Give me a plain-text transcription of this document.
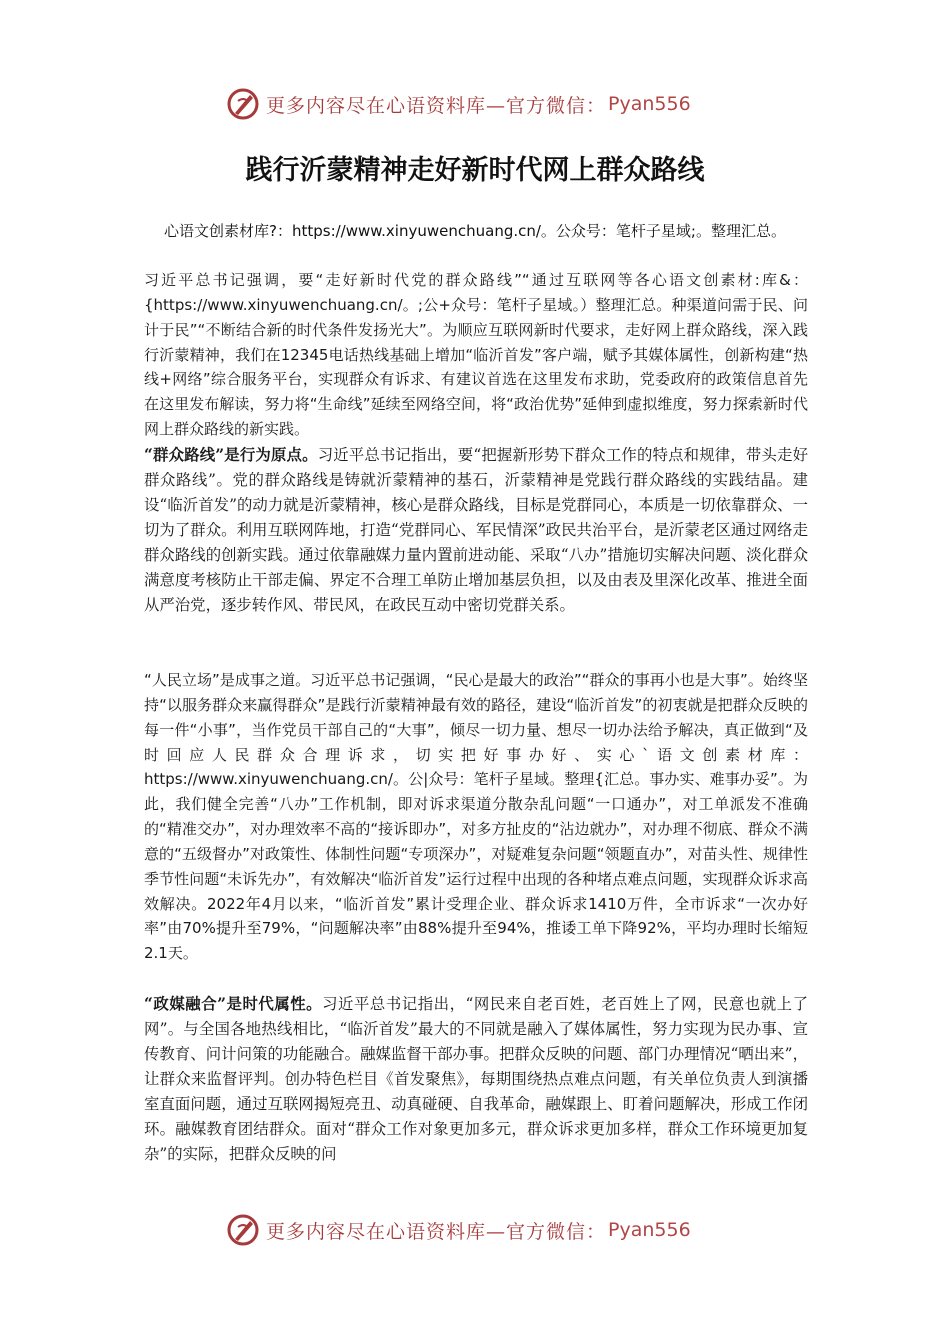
更多内容尽在心语资料库—官方微信： Pyan556
践行沂蒙精神走好新时代网上群众路线
心语文创素材库?：https://www.xinyuwenchuang.cn/。公众号：笔杆子星域;。整理汇总。

习近平总书记强调，要“走好新时代党的群众路线”“通过互联网等各心语文创素材:库&：{https://www.xinyuwenchuang.cn/。;公+众号：笔杆子星域。）整理汇总。种渠道问需于民、问计于民”“不断结合新的时代条件发扬光大”。为顺应互联网新时代要求，走好网上群众路线，深入践行沂蒙精神，我们在12345电话热线基础上增加“临沂首发”客户端，赋予其媒体属性，创新构建“热线+网络”综合服务平台，实现群众有诉求、有建议首选在这里发布求助，党委政府的政策信息首先在这里发布解读，努力将“生命线”延续至网络空间，将“政治优势”延伸到虚拟维度，努力探索新时代网上群众路线的新实践。

“群众路线”是行为原点。习近平总书记指出，要“把握新形势下群众工作的特点和规律，带头走好群众路线”。党的群众路线是铸就沂蒙精神的基石，沂蒙精神是党践行群众路线的实践结晶。建设“临沂首发”的动力就是沂蒙精神，核心是群众路线，目标是党群同心，本质是一切依靠群众、一切为了群众。利用互联网阵地，打造“党群同心、军民情深”政民共治平台，是沂蒙老区通过网络走群众路线的创新实践。通过依靠融媒力量内置前进动能、采取“八办”措施切实解决问题、淡化群众满意度考核防止干部走偏、界定不合理工单防止增加基层负担，以及由表及里深化改革、推进全面从严治党，逐步转作风、带民风，在政民互动中密切党群关系。

“人民立场”是成事之道。习近平总书记强调，“民心是最大的政治”“群众的事再小也是大事”。始终坚持“以服务群众来赢得群众”是践行沂蒙精神最有效的路径，建设“临沂首发”的初衷就是把群众反映的每一件“小事”，当作党员干部自己的“大事”，倾尽一切力量、想尽一切办法给予解决，真正做到“及时回应人民群众合理诉求，切实把好事办好、实心`语文创素材库：https://www.xinyuwenchuang.cn/。公|众号：笔杆子星域。整理{汇总。事办实、难事办妥”。为此，我们健全完善“八办”工作机制，即对诉求渠道分散杂乱问题“一口通办”，对工单派发不准确的“精准交办”，对办理效率不高的“接诉即办”，对多方扯皮的“沾边就办”，对办理不彻底、群众不满意的“五级督办”对政策性、体制性问题“专项深办”，对疑难复杂问题“领题直办”，对苗头性、规律性季节性问题“未诉先办”，有效解决“临沂首发”运行过程中出现的各种堵点难点问题，实现群众诉求高效解决。2022年4月以来，“临沂首发”累计受理企业、群众诉求1410万件，全市诉求“一次办好率”由70%提升至79%，“问题解决率”由88%提升至94%，推诿工单下降92%，平均办理时长缩短2.1天。

“政媒融合”是时代属性。习近平总书记指出，“网民来自老百姓，老百姓上了网，民意也就上了网”。与全国各地热线相比，“临沂首发”最大的不同就是融入了媒体属性，努力实现为民办事、宣传教育、问计问策的功能融合。融媒监督干部办事。把群众反映的问题、部门办理情况“晒出来”，让群众来监督评判。创办特色栏目《首发聚焦》，每期围绕热点难点问题，有关单位负责人到演播室直面问题，通过互联网揭短亮丑、动真碰硬、自我革命，融媒跟上、盯着问题解决，形成工作闭环。融媒教育团结群众。面对“群众工作对象更加多元，群众诉求更加多样，群众工作环境更加复杂”的实际，把群众反映的问

更多内容尽在心语资料库—官方微信： Pyan556
